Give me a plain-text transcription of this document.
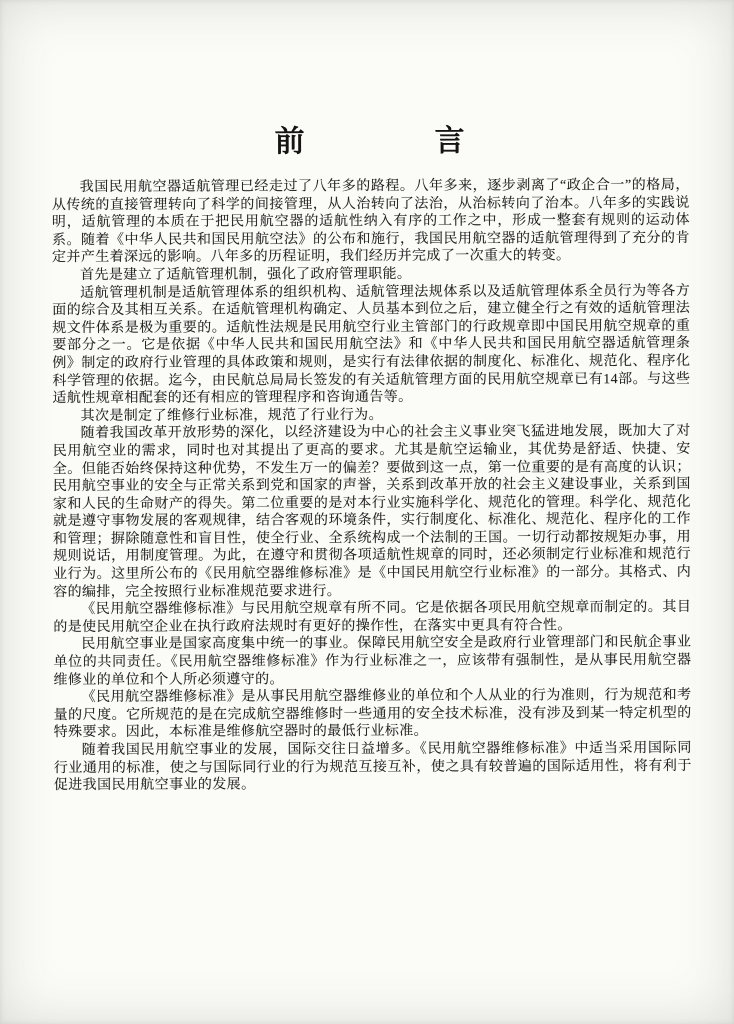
前　　　　言

我国民用航空器适航管理已经走过了八年多的路程。八年多来，逐步剥离了“政企合一”的格局，从传统的直接管理转向了科学的间接管理，从人治转向了法治，从治标转向了治本。八年多的实践说明，适航管理的本质在于把民用航空器的适航性纳入有序的工作之中，形成一整套有规则的运动体系。随着《中华人民共和国民用航空法》的公布和施行，我国民用航空器的适航管理得到了充分的肯定并产生着深远的影响。八年多的历程证明，我们经历并完成了一次重大的转变。

首先是建立了适航管理机制，强化了政府管理职能。

适航管理机制是适航管理体系的组织机构、适航管理法规体系以及适航管理体系全员行为等各方面的综合及其相互关系。在适航管理机构确定、人员基本到位之后，建立健全行之有效的适航管理法规文件体系是极为重要的。适航性法规是民用航空行业主管部门的行政规章即中国民用航空规章的重要部分之一。它是依据《中华人民共和国民用航空法》和《中华人民共和国民用航空器适航管理条例》制定的政府行业管理的具体政策和规则，是实行有法律依据的制度化、标准化、规范化、程序化科学管理的依据。迄今，由民航总局局长签发的有关适航管理方面的民用航空规章已有14部。与这些适航性规章相配套的还有相应的管理程序和咨询通告等。

其次是制定了维修行业标准，规范了行业行为。

随着我国改革开放形势的深化，以经济建设为中心的社会主义事业突飞猛进地发展，既加大了对民用航空业的需求，同时也对其提出了更高的要求。尤其是航空运输业，其优势是舒适、快捷、安全。但能否始终保持这种优势，不发生万一的偏差？要做到这一点，第一位重要的是有高度的认识；民用航空事业的安全与正常关系到党和国家的声誉，关系到改革开放的社会主义建设事业，关系到国家和人民的生命财产的得失。第二位重要的是对本行业实施科学化、规范化的管理。科学化、规范化就是遵守事物发展的客观规律，结合客观的环境条件，实行制度化、标准化、规范化、程序化的工作和管理；摒除随意性和盲目性，使全行业、全系统构成一个法制的王国。一切行动都按规矩办事，用规则说话，用制度管理。为此，在遵守和贯彻各项适航性规章的同时，还必须制定行业标准和规范行业行为。这里所公布的《民用航空器维修标准》是《中国民用航空行业标准》的一部分。其格式、内容的编排，完全按照行业标准规范要求进行。

《民用航空器维修标准》与民用航空规章有所不同。它是依据各项民用航空规章而制定的。其目的是使民用航空企业在执行政府法规时有更好的操作性，在落实中更具有符合性。

民用航空事业是国家高度集中统一的事业。保障民用航空安全是政府行业管理部门和民航企事业单位的共同责任。《民用航空器维修标准》作为行业标准之一，应该带有强制性，是从事民用航空器维修业的单位和个人所必须遵守的。

《民用航空器维修标准》是从事民用航空器维修业的单位和个人从业的行为准则，行为规范和考量的尺度。它所规范的是在完成航空器维修时一些通用的安全技术标准，没有涉及到某一特定机型的特殊要求。因此，本标准是维修航空器时的最低行业标准。

随着我国民用航空事业的发展，国际交往日益增多。《民用航空器维修标准》中适当采用国际同行业通用的标准，使之与国际同行业的行为规范互接互补，使之具有较普遍的国际适用性，将有利于促进我国民用航空事业的发展。
